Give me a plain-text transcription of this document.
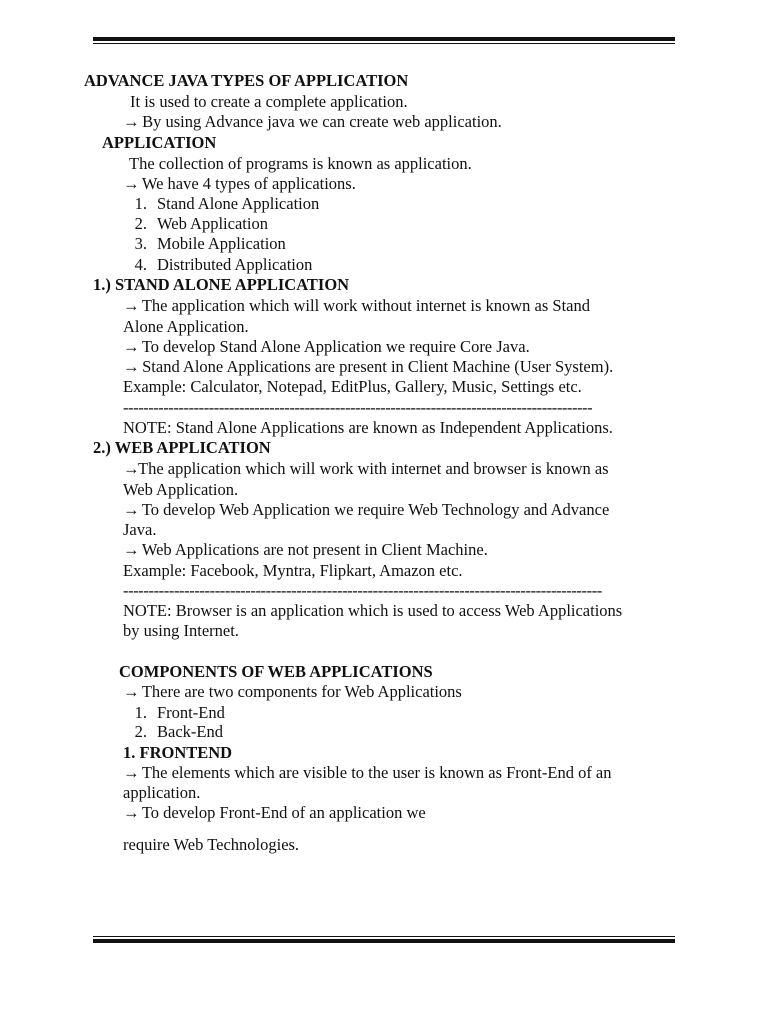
ADVANCE JAVA TYPES OF APPLICATION
It is used to create a complete application.
→ By using Advance java we can create web application.
APPLICATION
The collection of programs is known as application.
→ We have 4 types of applications.
1. Stand Alone Application
2. Web Application
3. Mobile Application
4. Distributed Application
1.) STAND ALONE APPLICATION
→ The application which will work without internet is known as Stand
Alone Application.
→ To develop Stand Alone Application we require Core Java.
→ Stand Alone Applications are present in Client Machine (User System).
Example: Calculator, Notepad, EditPlus, Gallery, Music, Settings etc.
---------------------------------------------------------------------------------------------
NOTE: Stand Alone Applications are known as Independent Applications.
2.) WEB APPLICATION
→The application which will work with internet and browser is known as
Web Application.
→ To develop Web Application we require Web Technology and Advance
Java.
→ Web Applications are not present in Client Machine.
Example: Facebook, Myntra, Flipkart, Amazon etc.
----------------------------------------------------------------------------------------------
NOTE: Browser is an application which is used to access Web Applications
by using Internet.
COMPONENTS OF WEB APPLICATIONS
→ There are two components for Web Applications
1. Front-End
2. Back-End
1. FRONTEND
→ The elements which are visible to the user is known as Front-End of an
application.
→ To develop Front-End of an application we
require Web Technologies.
